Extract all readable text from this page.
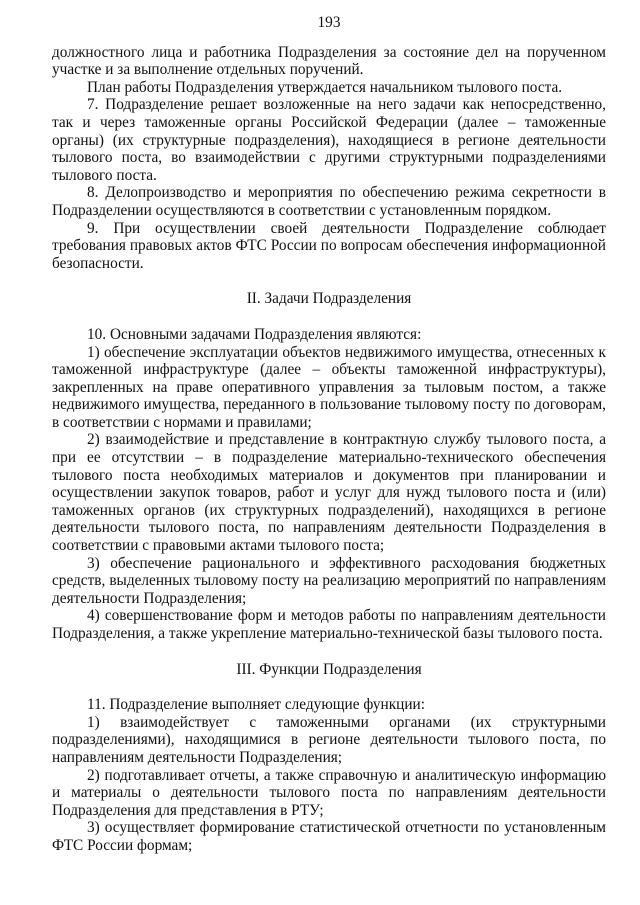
193

должностного лица и работника Подразделения за состояние дел на порученном участке и за выполнение отдельных поручений.

План работы Подразделения утверждается начальником тылового поста.

7. Подразделение решает возложенные на него задачи как непосредственно, так и через таможенные органы Российской Федерации (далее – таможенные органы) (их структурные подразделения), находящиеся в регионе деятельности тылового поста, во взаимодействии с другими структурными подразделениями тылового поста.

8. Делопроизводство и мероприятия по обеспечению режима секретности в Подразделении осуществляются в соответствии с установленным порядком.

9. При осуществлении своей деятельности Подразделение соблюдает требования правовых актов ФТС России по вопросам обеспечения информационной безопасности.

II. Задачи Подразделения

10. Основными задачами Подразделения являются:

1) обеспечение эксплуатации объектов недвижимого имущества, отнесенных к таможенной инфраструктуре (далее – объекты таможенной инфраструктуры), закрепленных на праве оперативного управления за тыловым постом, а также недвижимого имущества, переданного в пользование тыловому посту по договорам, в соответствии с нормами и правилами;

2) взаимодействие и представление в контрактную службу тылового поста, а при ее отсутствии – в подразделение материально-технического обеспечения тылового поста необходимых материалов и документов при планировании и осуществлении закупок товаров, работ и услуг для нужд тылового поста и (или) таможенных органов (их структурных подразделений), находящихся в регионе деятельности тылового поста, по направлениям деятельности Подразделения в соответствии с правовыми актами тылового поста;

3) обеспечение рационального и эффективного расходования бюджетных средств, выделенных тыловому посту на реализацию мероприятий по направлениям деятельности Подразделения;

4) совершенствование форм и методов работы по направлениям деятельности Подразделения, а также укрепление материально-технической базы тылового поста.

III. Функции Подразделения

11. Подразделение выполняет следующие функции:

1) взаимодействует с таможенными органами (их структурными подразделениями), находящимися в регионе деятельности тылового поста, по направлениям деятельности Подразделения;

2) подготавливает отчеты, а также справочную и аналитическую информацию и материалы о деятельности тылового поста по направлениям деятельности Подразделения для представления в РТУ;

3) осуществляет формирование статистической отчетности по установленным ФТС России формам;
